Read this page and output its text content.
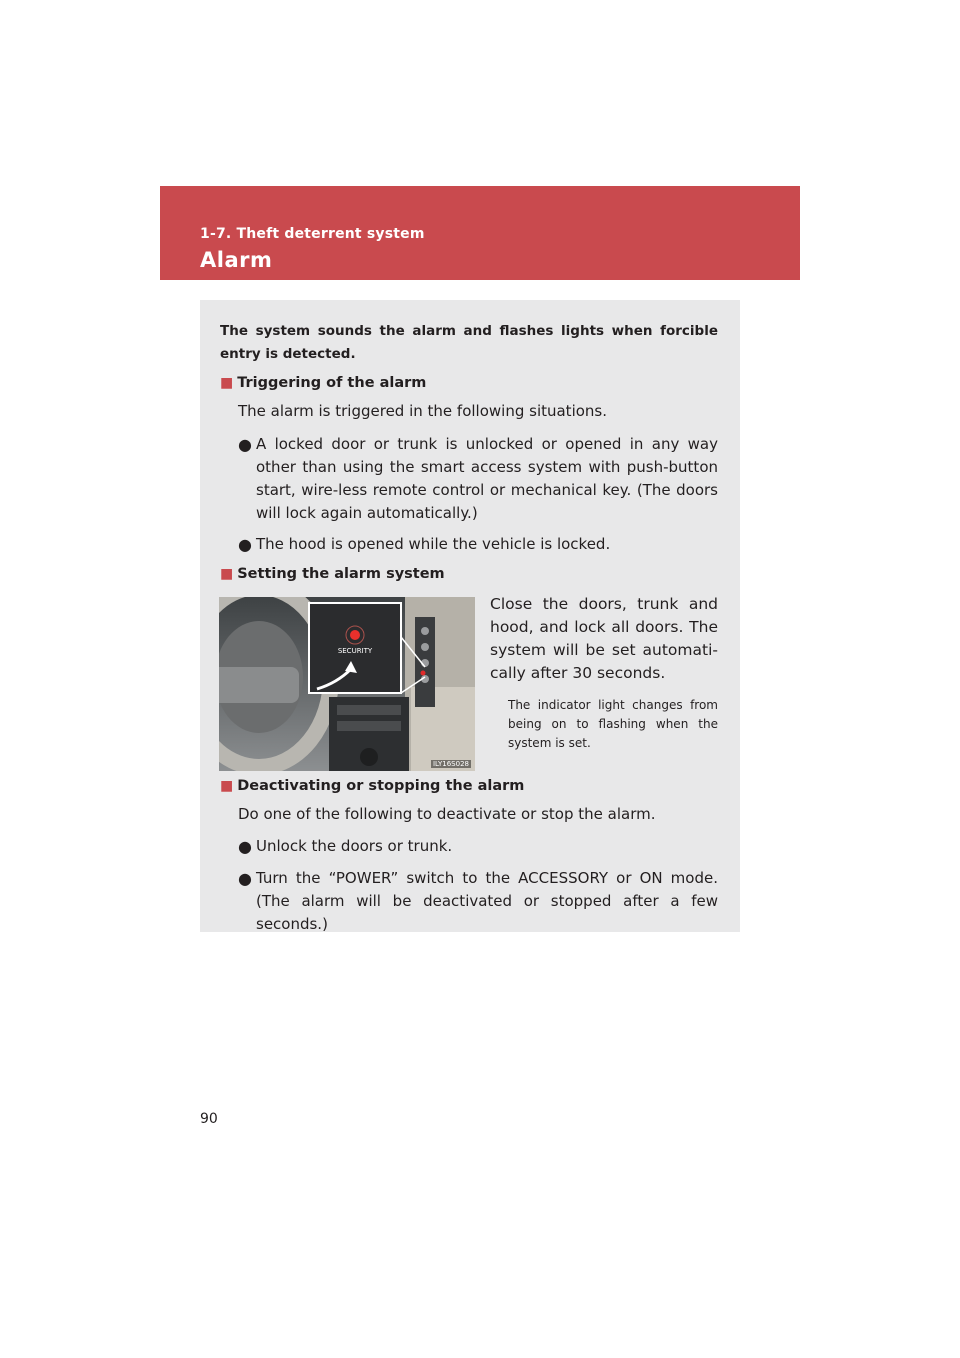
1-7. Theft deterrent system
Alarm
The system sounds the alarm and flashes lights when forcible entry is detected.
■ Triggering of the alarm
The alarm is triggered in the following situations.
● A locked door or trunk is unlocked or opened in any way other than using the smart access system with push-button start, wire-less remote control or mechanical key. (The doors will lock again automatically.)
● The hood is opened while the vehicle is locked.
■ Setting the alarm system
SECURITY
ILY16S028
Close the doors, trunk and hood, and lock all doors. The system will be set automati-cally after 30 seconds.
The indicator light changes from being on to flashing when the system is set.
■ Deactivating or stopping the alarm
Do one of the following to deactivate or stop the alarm.
● Unlock the doors or trunk.
● Turn the “POWER” switch to the ACCESSORY or ON mode. (The alarm will be deactivated or stopped after a few seconds.)
90
